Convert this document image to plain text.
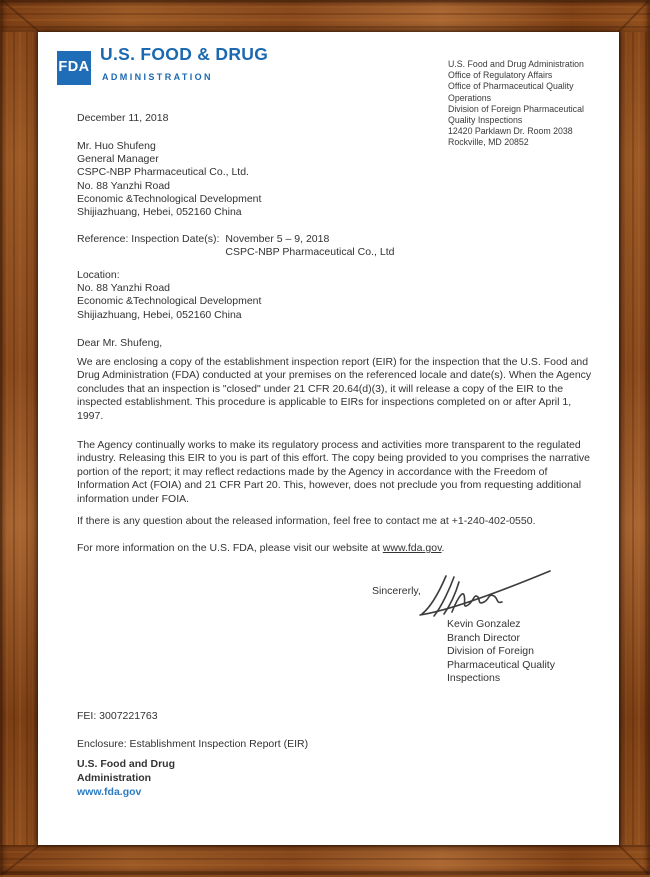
FDA
U.S. FOOD & DRUG
ADMINISTRATION
U.S. Food and Drug Administration
Office of Regulatory Affairs
Office of Pharmaceutical Quality
Operations
Division of Foreign Pharmaceutical
Quality Inspections
12420 Parklawn Dr. Room 2038
Rockville, MD 20852
December 11, 2018
Mr. Huo Shufeng
General Manager
CSPC-NBP Pharmaceutical Co., Ltd.
No. 88 Yanzhi Road
Economic &Technological Development
Shijiazhuang, Hebei, 052160 China
Reference: Inspection Date(s): November 5 – 9, 2018
CSPC-NBP Pharmaceutical Co., Ltd
Location:
No. 88 Yanzhi Road
Economic &Technological Development
Shijiazhuang, Hebei, 052160 China
Dear Mr. Shufeng,

We are enclosing a copy of the establishment inspection report (EIR) for the inspection that the U.S. Food and Drug Administration (FDA) conducted at your premises on the referenced locale and date(s). When the Agency concludes that an inspection is "closed" under 21 CFR 20.64(d)(3), it will release a copy of the EIR to the inspected establishment. This procedure is applicable to EIRs for inspections completed on or after April 1, 1997.

The Agency continually works to make its regulatory process and activities more transparent to the regulated industry. Releasing this EIR to you is part of this effort. The copy being provided to you comprises the narrative portion of the report; it may reflect redactions made by the Agency in accordance with the Freedom of Information Act (FOIA) and 21 CFR Part 20. This, however, does not preclude you from requesting additional information under FOIA.

If there is any question about the released information, feel free to contact me at +1-240-402-0550.

For more information on the U.S. FDA, please visit our website at www.fda.gov.
Sincererly,
Kevin Gonzalez
Branch Director
Division of Foreign
Pharmaceutical Quality
Inspections
FEI: 3007221763
Enclosure: Establishment Inspection Report (EIR)
U.S. Food and Drug
Administration
www.fda.gov
